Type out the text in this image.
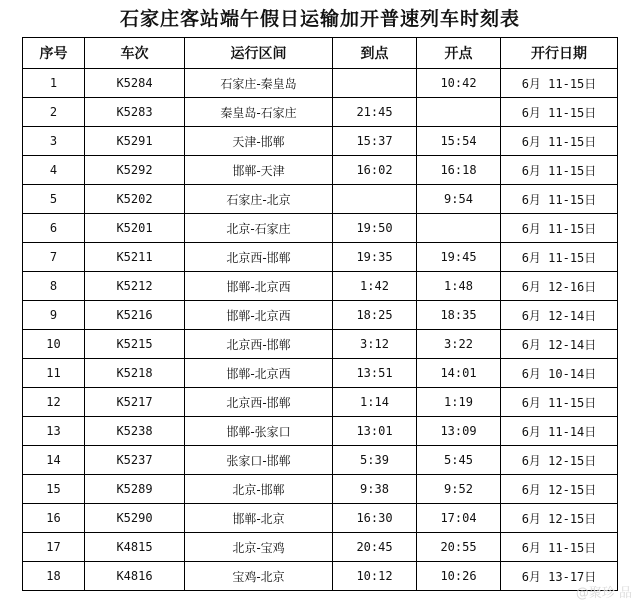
石家庄客站端午假日运输加开普速列车时刻表
序号	车次	运行区间	到点	开点	开行日期
1	K5284	石家庄-秦皇岛		10:42	6月 11-15日
2	K5283	秦皇岛-石家庄	21:45		6月 11-15日
3	K5291	天津-邯郸	15:37	15:54	6月 11-15日
4	K5292	邯郸-天津	16:02	16:18	6月 11-15日
5	K5202	石家庄-北京		9:54	6月 11-15日
6	K5201	北京-石家庄	19:50		6月 11-15日
7	K5211	北京西-邯郸	19:35	19:45	6月 11-15日
8	K5212	邯郸-北京西	1:42	1:48	6月 12-16日
9	K5216	邯郸-北京西	18:25	18:35	6月 12-14日
10	K5215	北京西-邯郸	3:12	3:22	6月 12-14日
11	K5218	邯郸-北京西	13:51	14:01	6月 10-14日
12	K5217	北京西-邯郸	1:14	1:19	6月 11-15日
13	K5238	邯郸-张家口	13:01	13:09	6月 11-14日
14	K5237	张家口-邯郸	5:39	5:45	6月 12-15日
15	K5289	北京-邯郸	9:38	9:52	6月 12-15日
16	K5290	邯郸-北京	16:30	17:04	6月 12-15日
17	K4815	北京-宝鸡	20:45	20:55	6月 11-15日
18	K4816	宝鸡-北京	10:12	10:26	6月 13-17日
@聚珍 品
